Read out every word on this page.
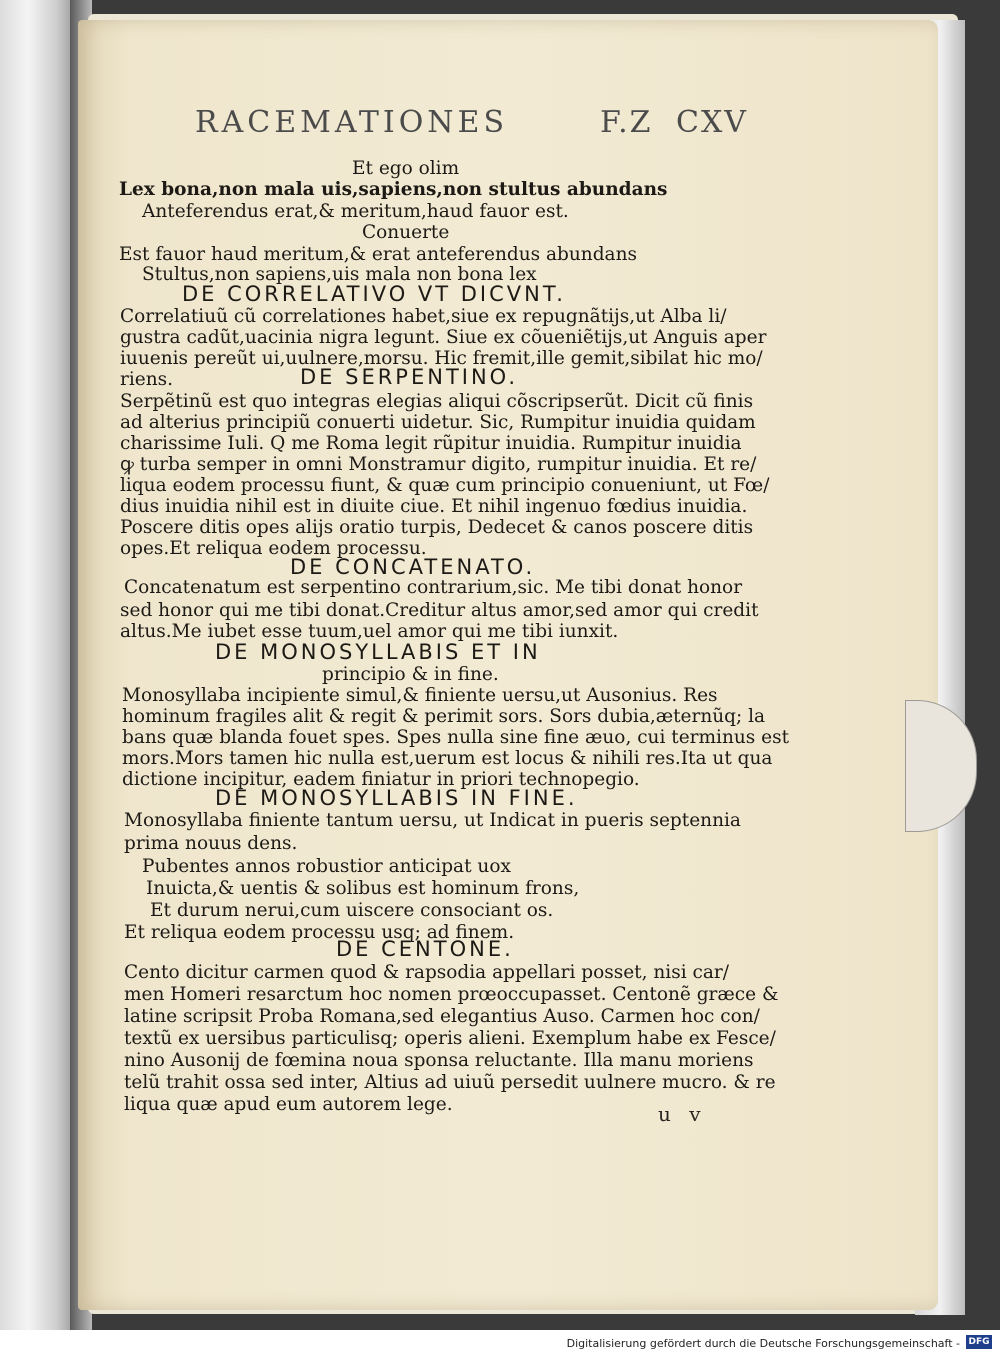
RACEMATIONES	F.Z CXV
Et ego olim
Lex bona,non mala uis,sapiens,non stultus abundans
Anteferendus erat,& meritum,haud fauor est.
Conuerte
Est fauor haud meritum,& erat anteferendus abundans
Stultus,non sapiens,uis mala non bona lex
DE CORRELATIVO VT DICVNT.
Correlatiuũ cũ correlationes habet,siue ex repugnãtijs,ut Alba li/
gustra cadũt,uacinia nigra legunt. Siue ex cõueniẽtijs,ut Anguis aper
iuuenis pereũt ui,uulnere,morsu. Hic fremit,ille gemit,sibilat hic mo/
riens.	DE SERPENTINO.
Serpẽtinũ est quo integras elegias aliqui cõscripserũt. Dicit cũ finis
ad alterius principiũ conuerti uidetur. Sic, Rumpitur inuidia quidam
charissime Iuli. Q me Roma legit rũpitur inuidia. Rumpitur inuidia
ꝙ turba semper in omni Monstramur digito, rumpitur inuidia. Et re/
liqua eodem processu fiunt, & quæ cum principio conueniunt, ut Fœ/
dius inuidia nihil est in diuite ciue. Et nihil ingenuo fœdius inuidia.
Poscere ditis opes alijs oratio turpis, Dedecet & canos poscere ditis
opes.Et reliqua eodem processu.
DE CONCATENATO.
Concatenatum est serpentino contrarium,sic. Me tibi donat honor
sed honor qui me tibi donat.Creditur altus amor,sed amor qui credit
altus.Me iubet esse tuum,uel amor qui me tibi iunxit.
DE MONOSYLLABIS ET IN
principio & in fine.
Monosyllaba incipiente simul,& finiente uersu,ut Ausonius. Res
hominum fragiles alit & regit & perimit sors. Sors dubia,æternũq; la
bans quæ blanda fouet spes. Spes nulla sine fine æuo, cui terminus est
mors.Mors tamen hic nulla est,uerum est locus & nihili res.Ita ut qua
dictione incipitur, eadem finiatur in priori technopegio.
DE MONOSYLLABIS IN FINE.
Monosyllaba finiente tantum uersu, ut Indicat in pueris septennia
prima nouus dens.
Pubentes annos robustior anticipat uox
Inuicta,& uentis & solibus est hominum frons,
Et durum nerui,cum uiscere consociant os.
Et reliqua eodem processu usq; ad finem.
DE CENTONE.
Cento dicitur carmen quod & rapsodia appellari posset, nisi car/
men Homeri resarctum hoc nomen prœoccupasset. Centonẽ græce &
latine scripsit Proba Romana,sed elegantius Auso. Carmen hoc con/
textũ ex uersibus particulisq; operis alieni. Exemplum habe ex Fesce/
nino Ausonij de fœmina noua sponsa reluctante. Illa manu moriens
telũ trahit ossa sed inter, Altius ad uiuũ persedit uulnere mucro. & re
liqua quæ apud eum autorem lege.	u v
Digitalisierung gefördert durch die Deutsche Forschungsgemeinschaft - DFG
